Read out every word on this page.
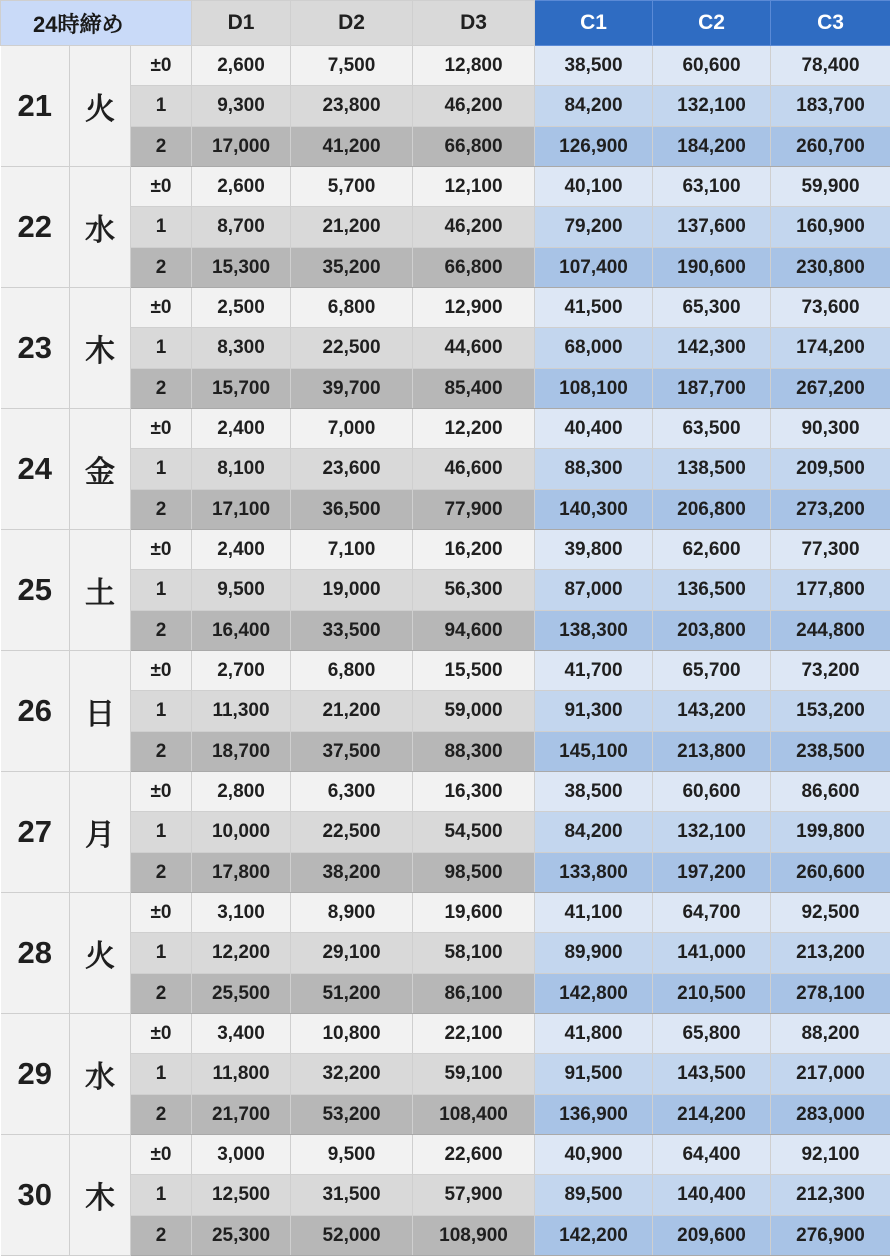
24時締め			D1	D2	D3	C1	C2	C3
21	火	±0	2,600	7,500	12,800	38,500	60,600	78,400
		1	9,300	23,800	46,200	84,200	132,100	183,700
		2	17,000	41,200	66,800	126,900	184,200	260,700
22	水	±0	2,600	5,700	12,100	40,100	63,100	59,900
		1	8,700	21,200	46,200	79,200	137,600	160,900
		2	15,300	35,200	66,800	107,400	190,600	230,800
23	木	±0	2,500	6,800	12,900	41,500	65,300	73,600
		1	8,300	22,500	44,600	68,000	142,300	174,200
		2	15,700	39,700	85,400	108,100	187,700	267,200
24	金	±0	2,400	7,000	12,200	40,400	63,500	90,300
		1	8,100	23,600	46,600	88,300	138,500	209,500
		2	17,100	36,500	77,900	140,300	206,800	273,200
25	土	±0	2,400	7,100	16,200	39,800	62,600	77,300
		1	9,500	19,000	56,300	87,000	136,500	177,800
		2	16,400	33,500	94,600	138,300	203,800	244,800
26	日	±0	2,700	6,800	15,500	41,700	65,700	73,200
		1	11,300	21,200	59,000	91,300	143,200	153,200
		2	18,700	37,500	88,300	145,100	213,800	238,500
27	月	±0	2,800	6,300	16,300	38,500	60,600	86,600
		1	10,000	22,500	54,500	84,200	132,100	199,800
		2	17,800	38,200	98,500	133,800	197,200	260,600
28	火	±0	3,100	8,900	19,600	41,100	64,700	92,500
		1	12,200	29,100	58,100	89,900	141,000	213,200
		2	25,500	51,200	86,100	142,800	210,500	278,100
29	水	±0	3,400	10,800	22,100	41,800	65,800	88,200
		1	11,800	32,200	59,100	91,500	143,500	217,000
		2	21,700	53,200	108,400	136,900	214,200	283,000
30	木	±0	3,000	9,500	22,600	40,900	64,400	92,100
		1	12,500	31,500	57,900	89,500	140,400	212,300
		2	25,300	52,000	108,900	142,200	209,600	276,900
